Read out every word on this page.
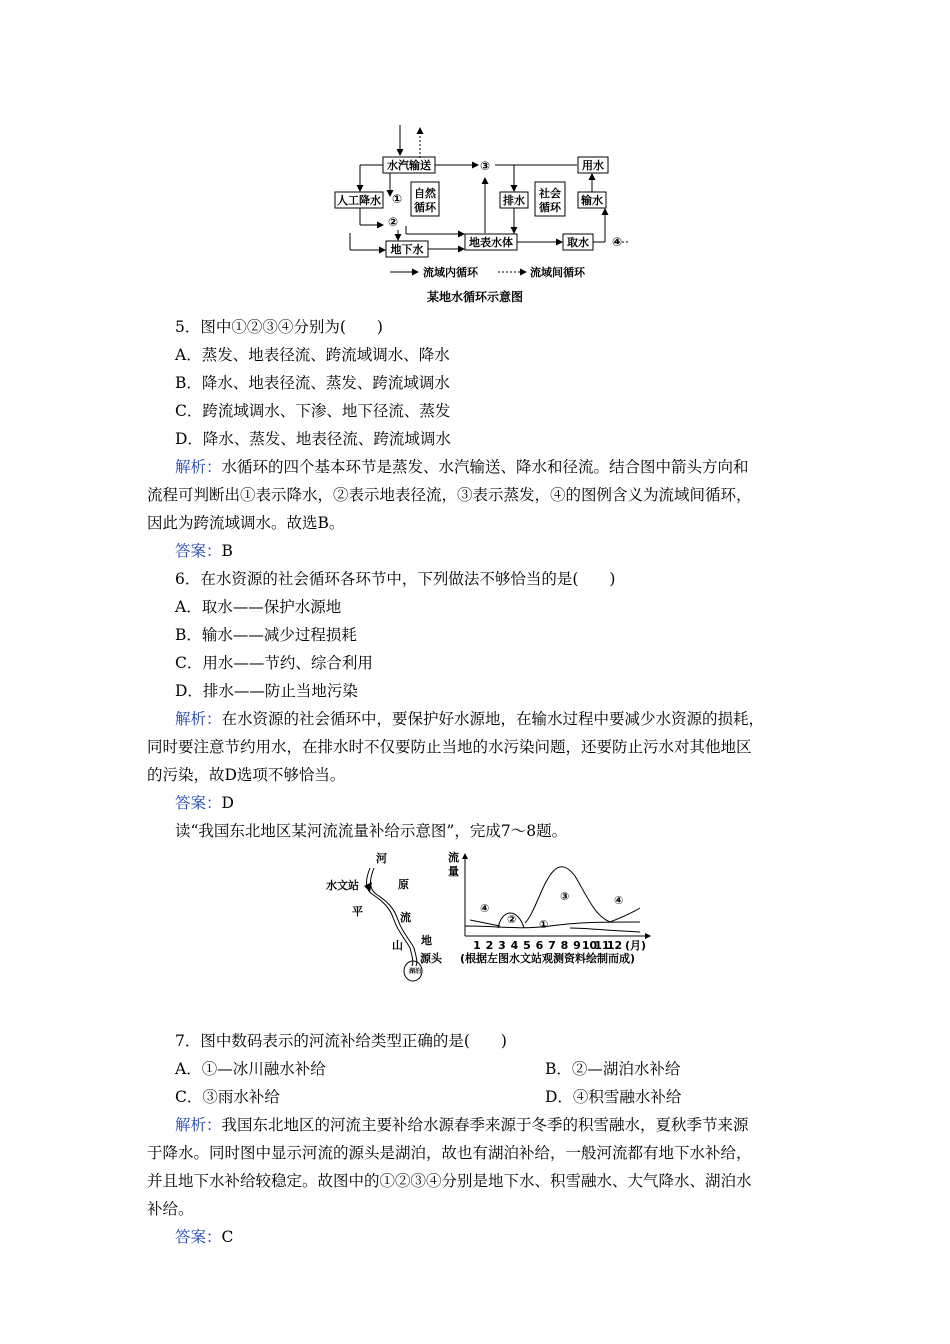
水汽输送
人工降水
自然
循环
地下水
地表水体
排水
社会
循环
取水
输水
用水
①
②
③
④
流域内循环	流域间循环
某地水循环示意图
5．图中①②③④分别为(　　)
A．蒸发、地表径流、跨流域调水、降水
B．降水、地表径流、蒸发、跨流域调水
C．跨流域调水、下渗、地下径流、蒸发
D．降水、蒸发、地表径流、跨流域调水
解析：水循环的四个基本环节是蒸发、水汽输送、降水和径流。结合图中箭头方向和
流程可判断出①表示降水，②表示地表径流，③表示蒸发，④的图例含义为流域间循环，
因此为跨流域调水。故选B。
答案：B
6．在水资源的社会循环各环节中，下列做法不够恰当的是(　　)
A．取水——保护水源地
B．输水——减少过程损耗
C．用水——节约、综合利用
D．排水——防止当地污染
解析：在水资源的社会循环中，要保护好水源地，在输水过程中要减少水资源的损耗，
同时要注意节约用水，在排水时不仅要防止当地的水污染问题，还要防止污水对其他地区
的污染，故D选项不够恰当。
答案：D
读“我国东北地区某河流流量补给示意图”，完成7～8题。
水文站
河
原
平	流
山 地
源头
湖泊
流
量
④
② ①
③	④
1 2 3 4 5 6 7 8 9 10
11
12 (月)
(根据左图水文站观测资料绘制而成)
7．图中数码表示的河流补给类型正确的是(　　)
A．①—冰川融水补给	B．②—湖泊水补给
C．③雨水补给	D．④积雪融水补给
解析：我国东北地区的河流主要补给水源春季来源于冬季的积雪融水，夏秋季节来源
于降水。同时图中显示河流的源头是湖泊，故也有湖泊补给，一般河流都有地下水补给，
并且地下水补给较稳定。故图中的①②③④分别是地下水、积雪融水、大气降水、湖泊水
补给。
答案：C
